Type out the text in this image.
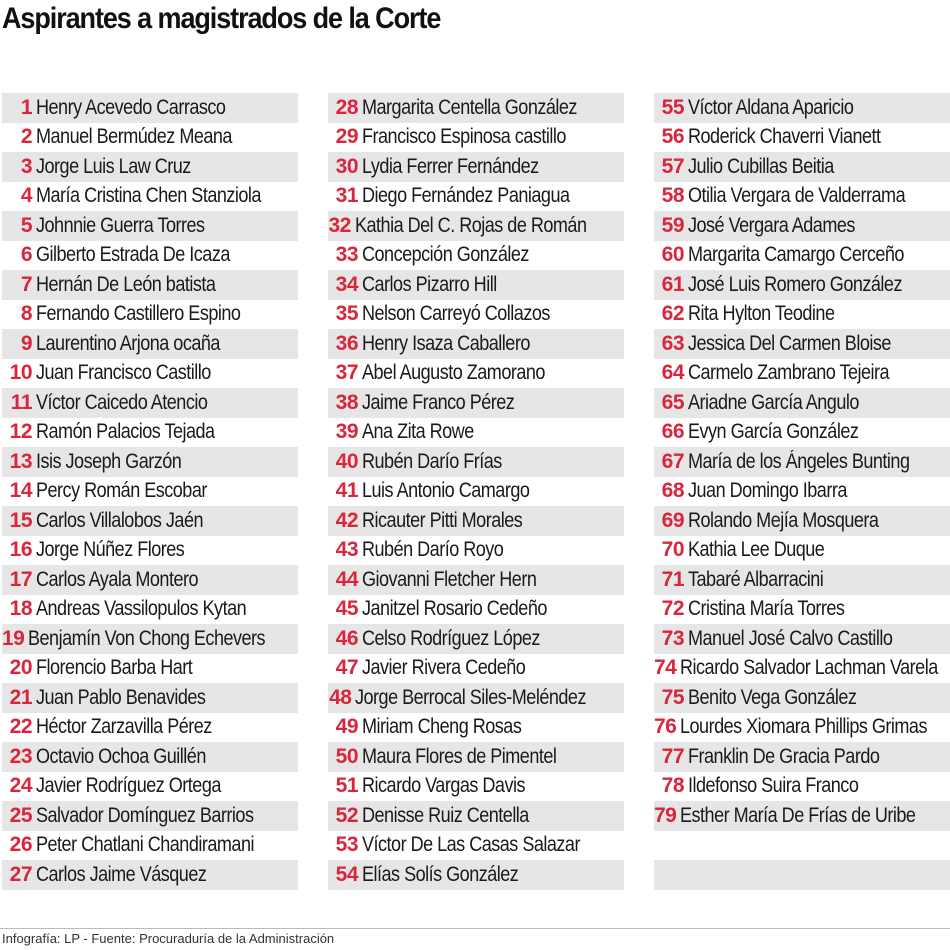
Aspirantes a magistrados de la Corte
1 Henry Acevedo Carrasco
2 Manuel Bermúdez Meana
3 Jorge Luis Law Cruz
4 María Cristina Chen Stanziola
5 Johnnie Guerra Torres
6 Gilberto Estrada De Icaza
7 Hernán De León batista
8 Fernando Castillero Espino
9 Laurentino Arjona ocaña
10 Juan Francisco Castillo
11 Víctor Caicedo Atencio
12 Ramón Palacios Tejada
13 Isis Joseph Garzón
14 Percy Román Escobar
15 Carlos Villalobos Jaén
16 Jorge Núñez Flores
17 Carlos Ayala Montero
18 Andreas Vassilopulos Kytan
19 Benjamín Von Chong Echevers
20 Florencio Barba Hart
21 Juan Pablo Benavides
22 Héctor Zarzavilla Pérez
23 Octavio Ochoa Guillén
24 Javier Rodríguez Ortega
25 Salvador Domínguez Barrios
26 Peter Chatlani Chandiramani
27 Carlos Jaime Vásquez
28 Margarita Centella González
29 Francisco Espinosa castillo
30 Lydia Ferrer Fernández
31 Diego Fernández Paniagua
32 Kathia Del C. Rojas de Román
33 Concepción González
34 Carlos Pizarro Hill
35 Nelson Carreyó Collazos
36 Henry Isaza Caballero
37 Abel Augusto Zamorano
38 Jaime Franco Pérez
39 Ana Zita Rowe
40 Rubén Darío Frías
41 Luis Antonio Camargo
42 Ricauter Pitti Morales
43 Rubén Darío Royo
44 Giovanni Fletcher Hern
45 Janitzel Rosario Cedeño
46 Celso Rodríguez López
47 Javier Rivera Cedeño
48 Jorge Berrocal Siles-Meléndez
49 Miriam Cheng Rosas
50 Maura Flores de Pimentel
51 Ricardo Vargas Davis
52 Denisse Ruiz Centella
53 Víctor De Las Casas Salazar
54 Elías Solís González
55 Víctor Aldana Aparicio
56 Roderick Chaverri Vianett
57 Julio Cubillas Beitia
58 Otilia Vergara de Valderrama
59 José Vergara Adames
60 Margarita Camargo Cerceño
61 José Luis Romero González
62 Rita Hylton Teodine
63 Jessica Del Carmen Bloise
64 Carmelo Zambrano Tejeira
65 Ariadne García Angulo
66 Evyn García González
67 María de los Ángeles Bunting
68 Juan Domingo Ibarra
69 Rolando Mejía Mosquera
70 Kathia Lee Duque
71 Tabaré Albarracini
72 Cristina María Torres
73 Manuel José Calvo Castillo
74 Ricardo Salvador Lachman Varela
75 Benito Vega González
76 Lourdes Xiomara Phillips Grimas
77 Franklin De Gracia Pardo
78 Ildefonso Suira Franco
79 Esther María De Frías de Uribe
Infografía: LP - Fuente: Procuraduría de la Administración
